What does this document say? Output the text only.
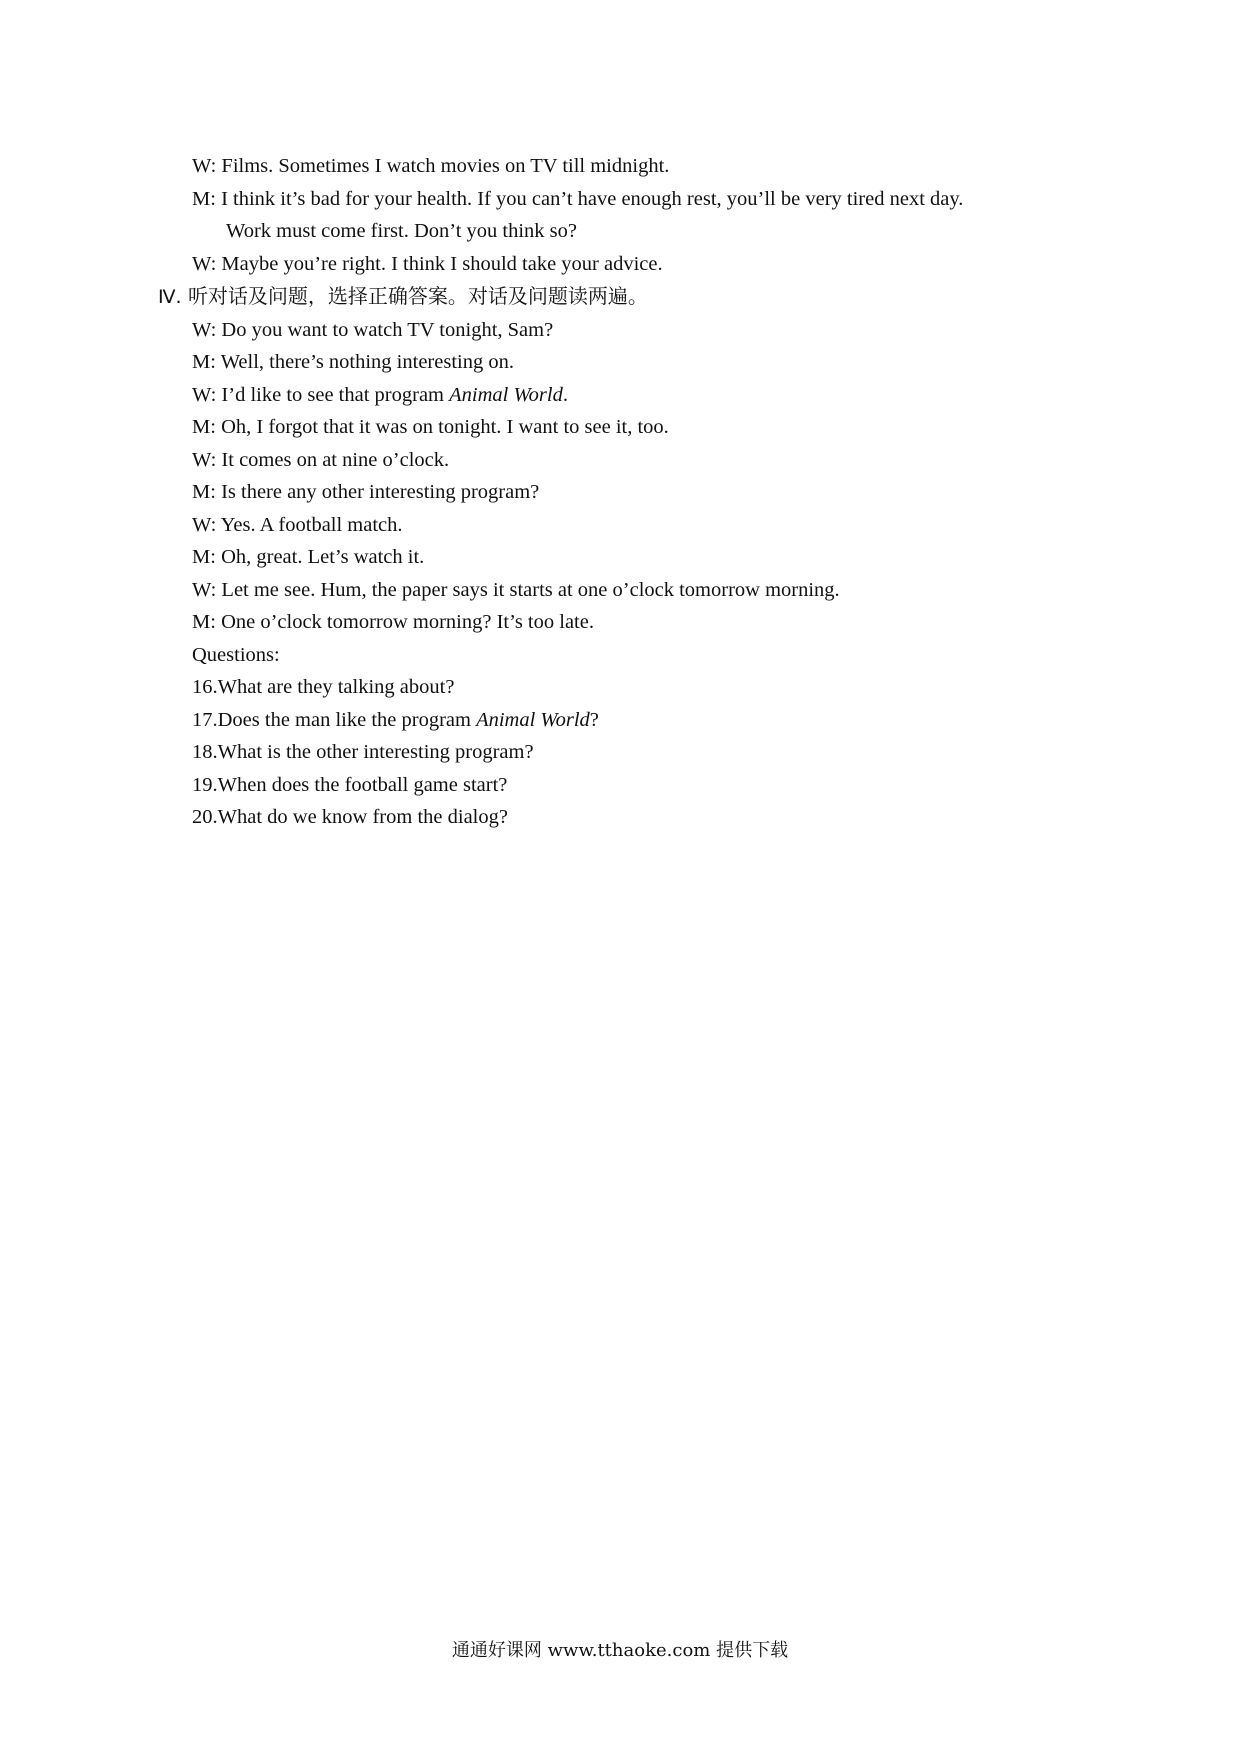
W: Films. Sometimes I watch movies on TV till midnight.
M: I think it’s bad for your health. If you can’t have enough rest, you’ll be very tired next day.
Work must come first. Don’t you think so?
W: Maybe you’re right. I think I should take your advice.
Ⅳ. 听对话及问题，选择正确答案。对话及问题读两遍。
W: Do you want to watch TV tonight, Sam?
M: Well, there’s nothing interesting on.
W: I’d like to see that program Animal World.
M: Oh, I forgot that it was on tonight. I want to see it, too.
W: It comes on at nine o’clock.
M: Is there any other interesting program?
W: Yes. A football match.
M: Oh, great. Let’s watch it.
W: Let me see. Hum, the paper says it starts at one o’clock tomorrow morning.
M: One o’clock tomorrow morning? It’s too late.
Questions:
16.What are they talking about?
17.Does the man like the program Animal World?
18.What is the other interesting program?
19.When does the football game start?
20.What do we know from the dialog?
通通好课网 www.tthaoke.com 提供下载
